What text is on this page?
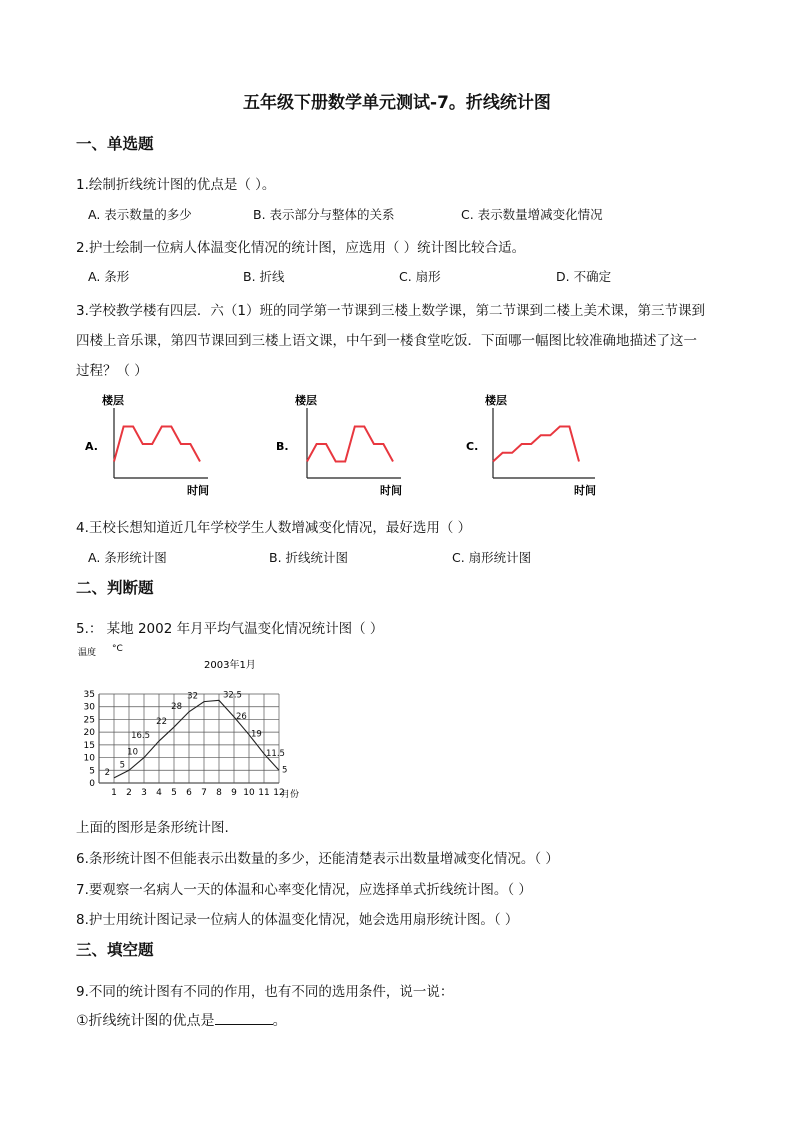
五年级下册数学单元测试-7。折线统计图
一、单选题
1.绘制折线统计图的优点是（ ）。
A. 表示数量的多少	B. 表示部分与整体的关系	C. 表示数量增减变化情况
2.护士绘制一位病人体温变化情况的统计图，应选用（ ）统计图比较合适。
A. 条形	B. 折线	C. 扇形	D. 不确定
3.学校教学楼有四层．六（1）班的同学第一节课到三楼上数学课，第二节课到二楼上美术课，第三节课到
四楼上音乐课，第四节课回到三楼上语文课，中午到一楼食堂吃饭．下面哪一幅图比较准确地描述了这一
过程？（ ）
楼层
A.
时间
楼层
B.
时间
楼层
C.
时间
4.王校长想知道近几年学校学生人数增减变化情况，最好选用（ ）
A. 条形统计图	B. 折线统计图	C. 扇形统计图
二、判断题
5.： 某地 2002 年月平均气温变化情况统计图（ ）
温度 °C
2003年1月
月份
0
5
10
15
20
25
30
35
1 2 3 4 5 6 7 8 9 10 11 12
2
5
10
16.5
22
28
32	32.5
26
19
11.5
5
上面的图形是条形统计图.
6.条形统计图不但能表示出数量的多少，还能清楚表示出数量增减变化情况。（ ）
7.要观察一名病人一天的体温和心率变化情况，应选择单式折线统计图。（ ）
8.护士用统计图记录一位病人的体温变化情况，她会选用扇形统计图。（ ）
三、填空题
9.不同的统计图有不同的作用，也有不同的选用条件，说一说：
①折线统计图的优点是	。
